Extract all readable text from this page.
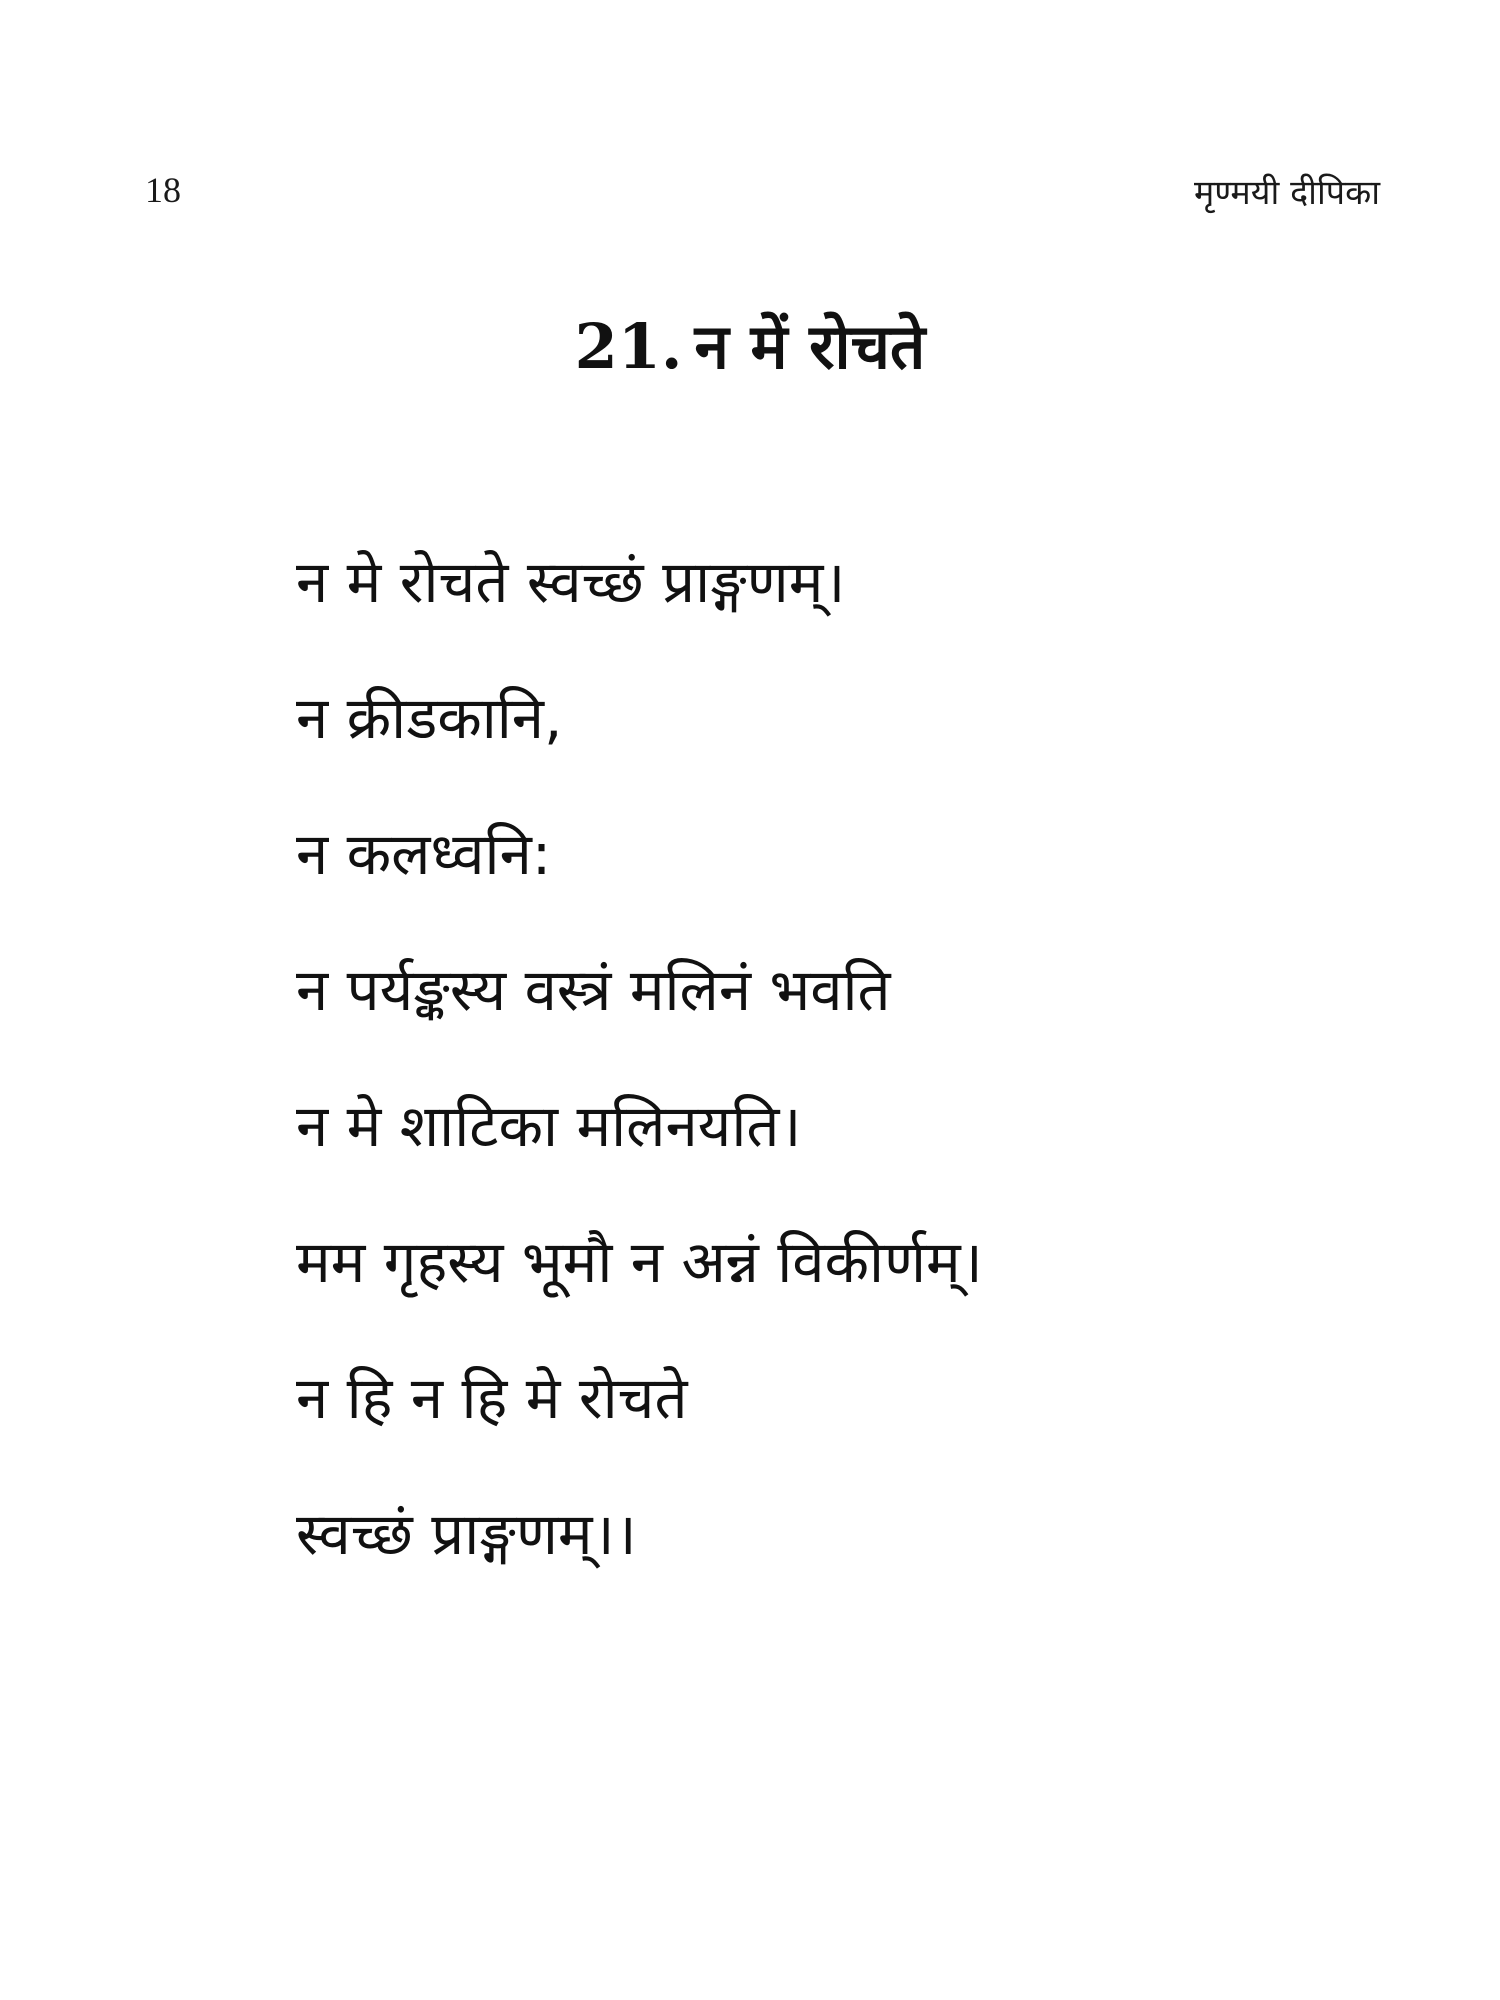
18	मृण्मयी दीपिका
21. न में रोचते
न मे रोचते स्वच्छं प्राङ्गणम्।
न क्रीडकानि,
न कलध्वनि:
न पर्यङ्कस्य वस्त्रं मलिनं भवति
न मे शाटिका मलिनयति।
मम गृहस्य भूमौ न अन्नं विकीर्णम्।
न हि न हि मे रोचते
स्वच्छं प्राङ्गणम्।।
